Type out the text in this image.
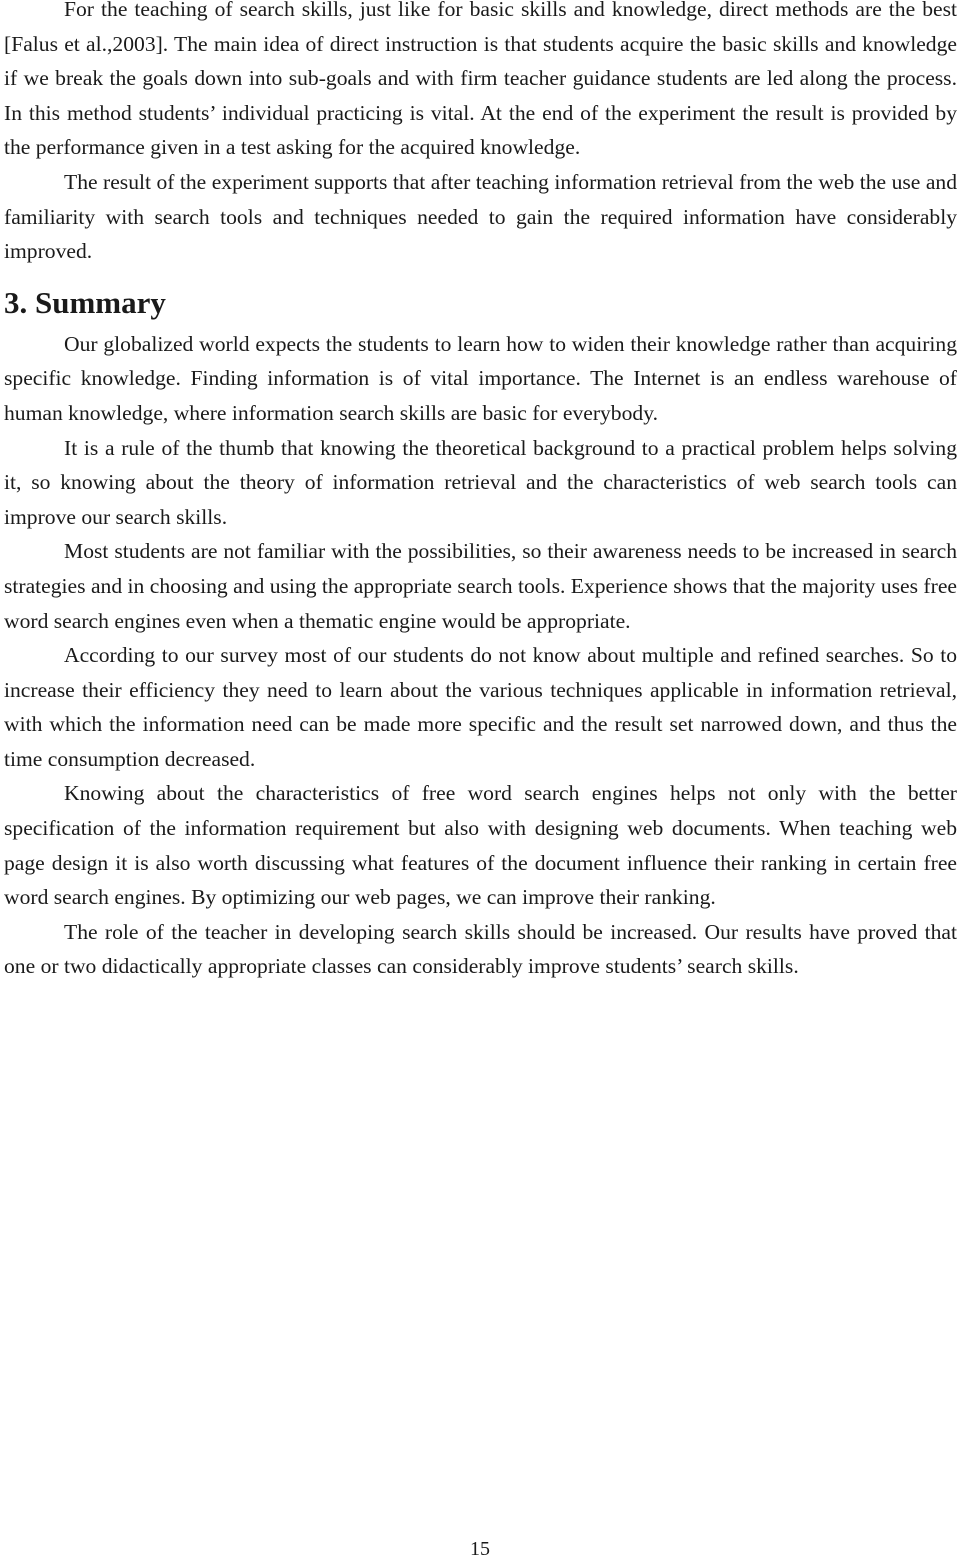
For the teaching of search skills, just like for basic skills and knowledge, direct methods are the best [Falus et al.,2003]. The main idea of direct instruction is that students acquire the basic skills and knowledge if we break the goals down into sub-goals and with firm teacher guidance students are led along the process. In this method students’ individual practicing is vital. At the end of the experiment the result is provided by the performance given in a test asking for the acquired knowledge.

The result of the experiment supports that after teaching information retrieval from the web the use and familiarity with search tools and techniques needed to gain the required information have considerably improved.

3. Summary

Our globalized world expects the students to learn how to widen their knowledge rather than acquiring specific knowledge. Finding information is of vital importance. The Internet is an endless warehouse of human knowledge, where information search skills are basic for everybody.

It is a rule of the thumb that knowing the theoretical background to a practical problem helps solving it, so knowing about the theory of information retrieval and the characteristics of web search tools can improve our search skills.

Most students are not familiar with the possibilities, so their awareness needs to be increased in search strategies and in choosing and using the appropriate search tools. Experience shows that the majority uses free word search engines even when a thematic engine would be appropriate.

According to our survey most of our students do not know about multiple and refined searches. So to increase their efficiency they need to learn about the various techniques applicable in information retrieval, with which the information need can be made more specific and the result set narrowed down, and thus the time consumption decreased.

Knowing about the characteristics of free word search engines helps not only with the better specification of the information requirement but also with designing web documents. When teaching web page design it is also worth discussing what features of the document influence their ranking in certain free word search engines. By optimizing our web pages, we can improve their ranking.

The role of the teacher in developing search skills should be increased. Our results have proved that one or two didactically appropriate classes can considerably improve students’ search skills.

15
